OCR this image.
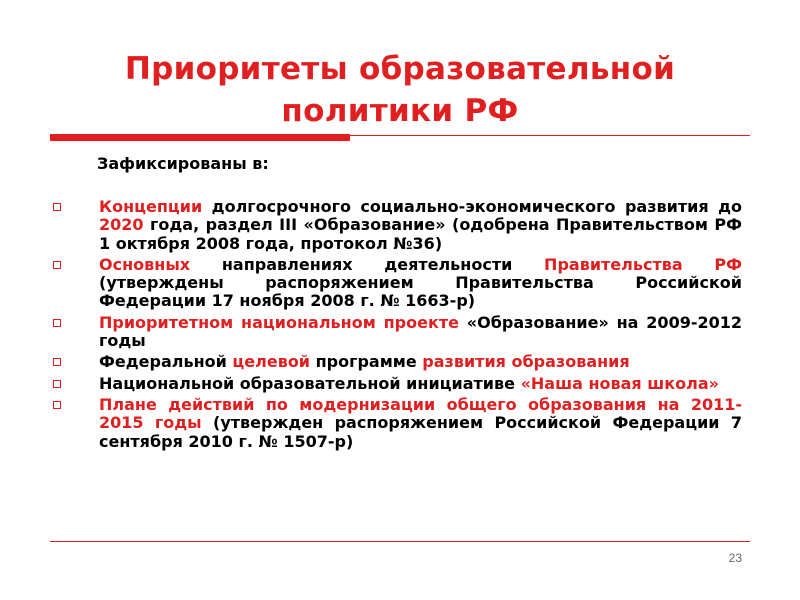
Приоритеты образовательной
политики РФ
Зафиксированы в:
Концепции долгосрочного социально-экономического развития до 2020 года, раздел III «Образование» (одобрена Правительством РФ 1 октября 2008 года, протокол №36)
Основных направлениях деятельности Правительства РФ (утверждены распоряжением Правительства Российской Федерации 17 ноября 2008 г. № 1663-р)
Приоритетном национальном проекте «Образование» на 2009-2012 годы
Федеральной целевой программе развития образования
Национальной образовательной инициативе «Наша новая школа»
Плане действий по модернизации общего образования на 2011-2015 годы (утвержден распоряжением Российской Федерации 7 сентября 2010 г. № 1507-р)
23
